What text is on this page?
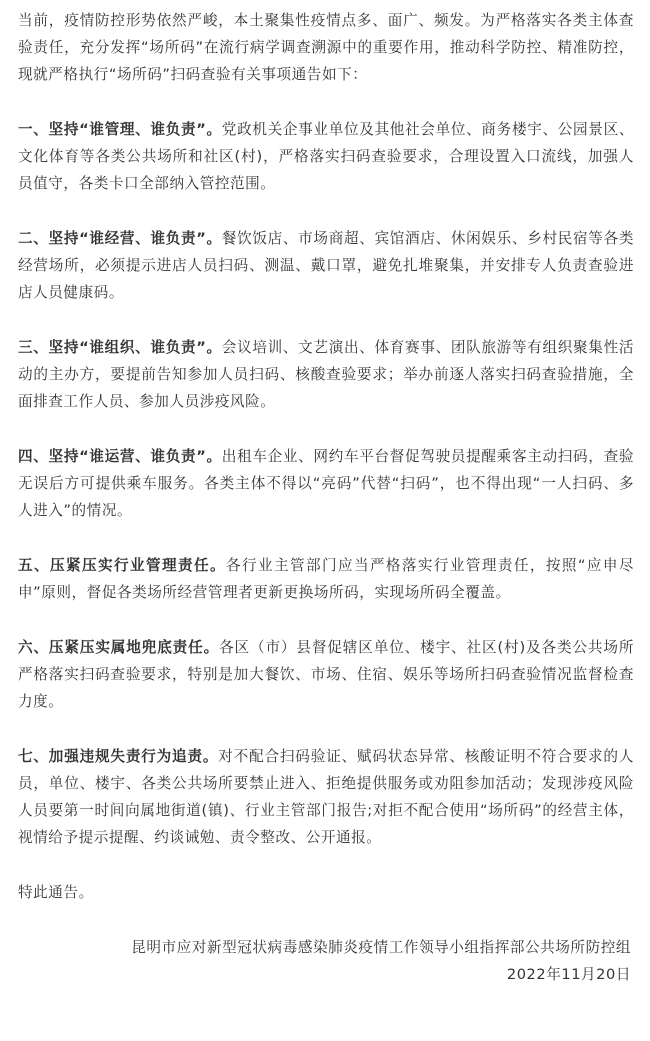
当前，疫情防控形势依然严峻，本土聚集性疫情点多、面广、频发。为严格落实各类主体查验责任，充分发挥“场所码”在流行病学调查溯源中的重要作用，推动科学防控、精准防控，现就严格执行“场所码”扫码查验有关事项通告如下：

一、坚持“谁管理、谁负责”。党政机关企事业单位及其他社会单位、商务楼宇、公园景区、文化体育等各类公共场所和社区(村)，严格落实扫码查验要求，合理设置入口流线，加强人员值守，各类卡口全部纳入管控范围。

二、坚持“谁经营、谁负责”。餐饮饭店、市场商超、宾馆酒店、休闲娱乐、乡村民宿等各类经营场所，必须提示进店人员扫码、测温、戴口罩，避免扎堆聚集，并安排专人负责查验进店人员健康码。

三、坚持“谁组织、谁负责”。会议培训、文艺演出、体育赛事、团队旅游等有组织聚集性活动的主办方，要提前告知参加人员扫码、核酸查验要求；举办前逐人落实扫码查验措施，全面排查工作人员、参加人员涉疫风险。

四、坚持“谁运营、谁负责”。出租车企业、网约车平台督促驾驶员提醒乘客主动扫码，查验无误后方可提供乘车服务。各类主体不得以“亮码”代替“扫码”，也不得出现“一人扫码、多人进入”的情况。

五、压紧压实行业管理责任。各行业主管部门应当严格落实行业管理责任，按照“应申尽申”原则，督促各类场所经营管理者更新更换场所码，实现场所码全覆盖。

六、压紧压实属地兜底责任。各区（市）县督促辖区单位、楼宇、社区(村)及各类公共场所严格落实扫码查验要求，特别是加大餐饮、市场、住宿、娱乐等场所扫码查验情况监督检查力度。

七、加强违规失责行为追责。对不配合扫码验证、赋码状态异常、核酸证明不符合要求的人员，单位、楼宇、各类公共场所要禁止进入、拒绝提供服务或劝阻参加活动；发现涉疫风险人员要第一时间向属地街道(镇)、行业主管部门报告;对拒不配合使用“场所码”的经营主体，视情给予提示提醒、约谈诫勉、责令整改、公开通报。

特此通告。

昆明市应对新型冠状病毒感染肺炎疫情工作领导小组指挥部公共场所防控组

2022年11月20日
